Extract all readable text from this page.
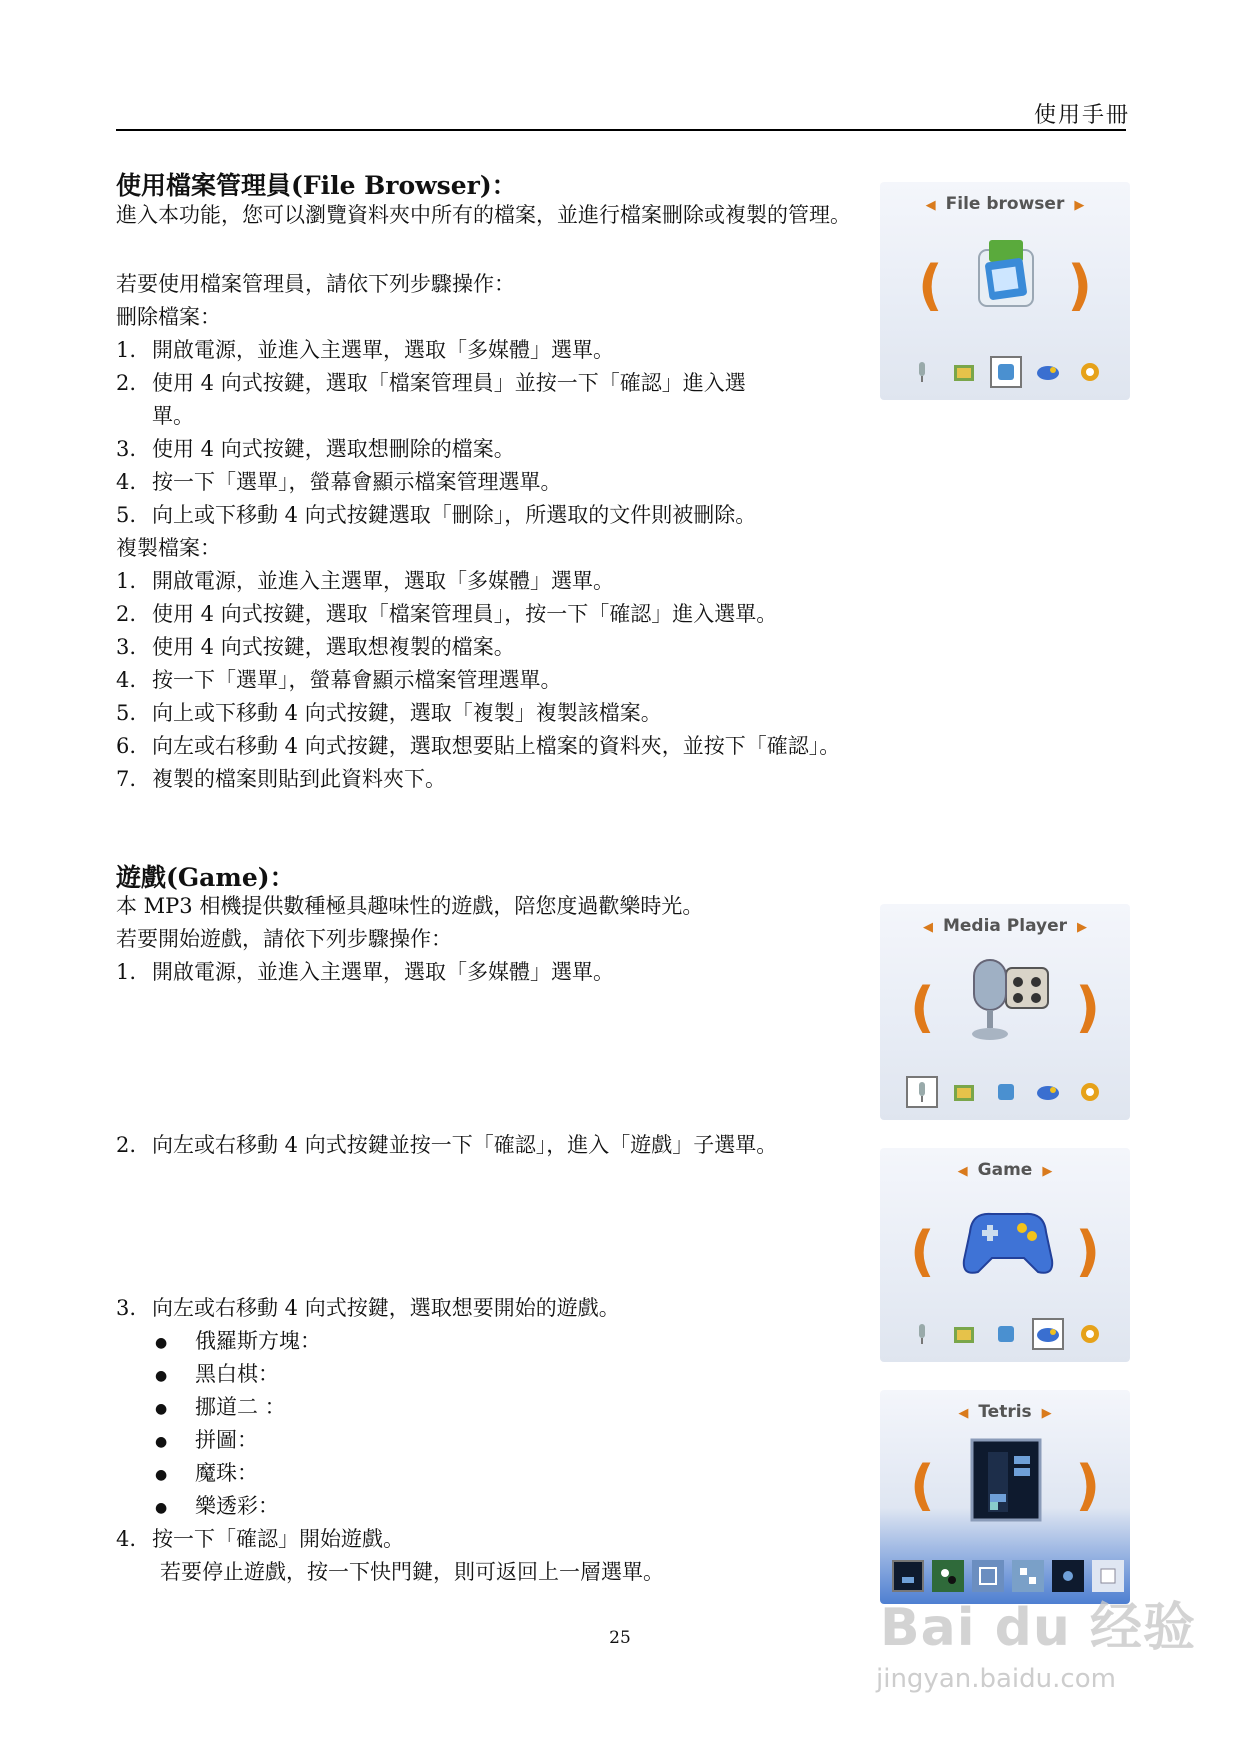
使用手冊
使用檔案管理員(File Browser)：
進入本功能，您可以瀏覽資料夾中所有的檔案，並進行檔案刪除或複製的管理。
若要使用檔案管理員，請依下列步驟操作：
刪除檔案：
1. 開啟電源，並進入主選單，選取「多媒體」選單。
2. 使用 4 向式按鍵，選取「檔案管理員」並按一下「確認」進入選
單。
3. 使用 4 向式按鍵，選取想刪除的檔案。
4. 按一下「選單」，螢幕會顯示檔案管理選單。
5. 向上或下移動 4 向式按鍵選取「刪除」，所選取的文件則被刪除。
複製檔案：
1. 開啟電源，並進入主選單，選取「多媒體」選單。
2. 使用 4 向式按鍵，選取「檔案管理員」，按一下「確認」進入選單。
3. 使用 4 向式按鍵，選取想複製的檔案。
4. 按一下「選單」，螢幕會顯示檔案管理選單。
5. 向上或下移動 4 向式按鍵，選取「複製」複製該檔案。
6. 向左或右移動 4 向式按鍵，選取想要貼上檔案的資料夾，並按下「確認」。
7. 複製的檔案則貼到此資料夾下。
◀ File browser ▶
( )
遊戲(Game)：
本 MP3 相機提供數種極具趣味性的遊戲，陪您度過歡樂時光。
若要開始遊戲，請依下列步驟操作：
1. 開啟電源，並進入主選單，選取「多媒體」選單。
2. 向左或右移動 4 向式按鍵並按一下「確認」，進入「遊戲」子選單。
3. 向左或右移動 4 向式按鍵，選取想要開始的遊戲。
● 俄羅斯方塊：
● 黑白棋：
● 挪道二 ：
● 拼圖：
● 魔珠：
● 樂透彩：
4. 按一下「確認」開始遊戲。
若要停止遊戲，按一下快門鍵，則可返回上一層選單。
◀ Media Player ▶
(	)
◀ Game ▶
(	)
◀ Tetris ▶
(	)
25	Bai du 经验
jingyan.baidu.com
